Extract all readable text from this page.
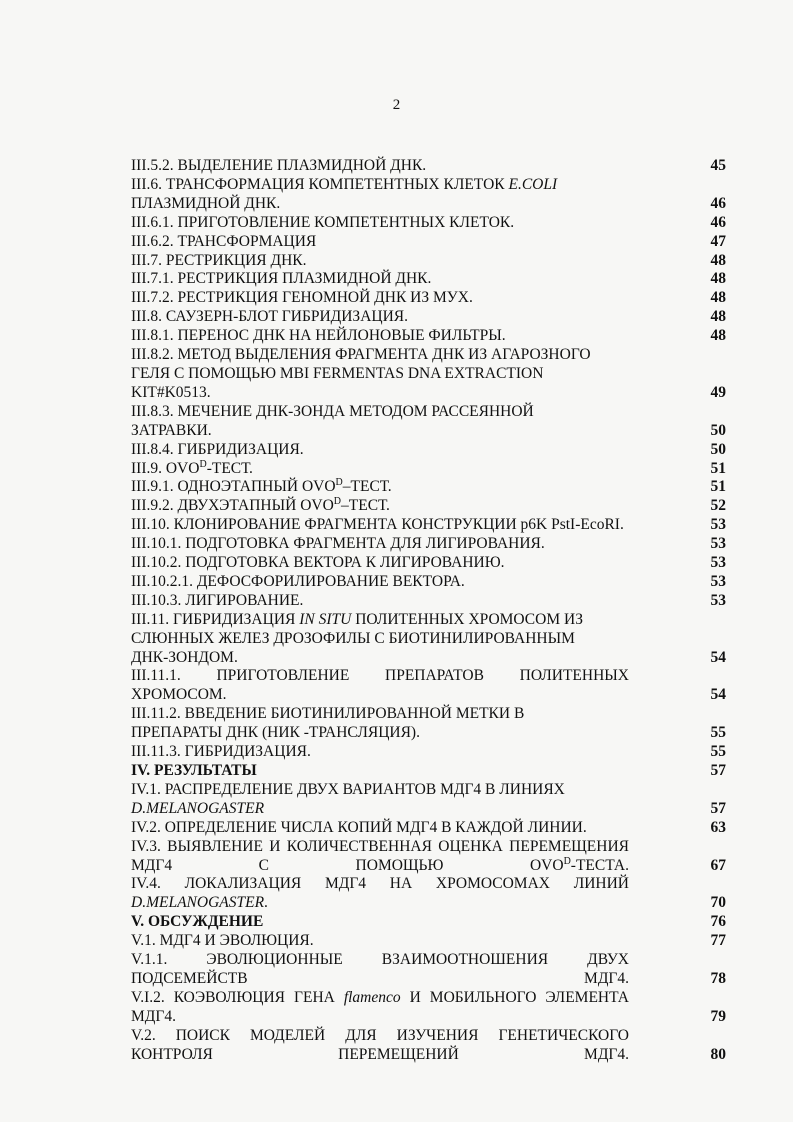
2
III.5.2. ВЫДЕЛЕНИЕ ПЛАЗМИДНОЙ ДНК.	45
III.6. ТРАНСФОРМАЦИЯ КОМПЕТЕНТНЫХ КЛЕТОК E.COLI
ПЛАЗМИДНОЙ ДНК.	46
III.6.1. ПРИГОТОВЛЕНИЕ КОМПЕТЕНТНЫХ КЛЕТОК.	46
III.6.2. ТРАНСФОРМАЦИЯ	47
III.7. РЕСТРИКЦИЯ ДНК.	48
III.7.1. РЕСТРИКЦИЯ ПЛАЗМИДНОЙ ДНК.	48
III.7.2. РЕСТРИКЦИЯ ГЕНОМНОЙ ДНК ИЗ МУХ.	48
III.8. САУЗЕРН-БЛОТ ГИБРИДИЗАЦИЯ.	48
III.8.1. ПЕРЕНОС ДНК НА НЕЙЛОНОВЫЕ ФИЛЬТРЫ.	48
III.8.2. МЕТОД ВЫДЕЛЕНИЯ ФРАГМЕНТА ДНК ИЗ АГАРОЗНОГО
ГЕЛЯ С ПОМОЩЬЮ MBI FERMENTAS DNA EXTRACTION
KIT#K0513.	49
III.8.3. МЕЧЕНИЕ ДНК-ЗОНДА МЕТОДОМ РАССЕЯННОЙ
ЗАТРАВКИ.	50
III.8.4. ГИБРИДИЗАЦИЯ.	50
III.9. $OVO^D$-ТЕСТ.	51
III.9.1. ОДНОЭТАПНЫЙ $OVO^D$–ТЕСТ.	51
III.9.2. ДВУХЭТАПНЫЙ $OVO^D$–ТЕСТ.	52
III.10. КЛОНИРОВАНИЕ ФРАГМЕНТА КОНСТРУКЦИИ p6K PstI-EcoRI.	53
III.10.1. ПОДГОТОВКА ФРАГМЕНТА ДЛЯ ЛИГИРОВАНИЯ.	53
III.10.2. ПОДГОТОВКА ВЕКТОРА К ЛИГИРОВАНИЮ.	53
III.10.2.1. ДЕФОСФОРИЛИРОВАНИЕ ВЕКТОРА.	53
III.10.3. ЛИГИРОВАНИЕ.	53
III.11. ГИБРИДИЗАЦИЯ IN SITU ПОЛИТЕННЫХ ХРОМОСОМ ИЗ
СЛЮННЫХ ЖЕЛЕЗ ДРОЗОФИЛЫ С БИОТИНИЛИРОВАННЫМ
ДНК-ЗОНДОМ.	54
III.11.1. ПРИГОТОВЛЕНИЕ ПРЕПАРАТОВ ПОЛИТЕННЫХ ХРОМОСОМ.	54
III.11.2. ВВЕДЕНИЕ БИОТИНИЛИРОВАННОЙ МЕТКИ В
ПРЕПАРАТЫ ДНК (НИК -ТРАНСЛЯЦИЯ).	55
III.11.3. ГИБРИДИЗАЦИЯ.	55
IV. РЕЗУЛЬТАТЫ	57
IV.1. РАСПРЕДЕЛЕНИЕ ДВУХ ВАРИАНТОВ МДГ4 В ЛИНИЯХ
D.MELANOGASTER	57
IV.2. ОПРЕДЕЛЕНИЕ ЧИСЛА КОПИЙ МДГ4 В КАЖДОЙ ЛИНИИ.	63
IV.3. ВЫЯВЛЕНИЕ И КОЛИЧЕСТВЕННАЯ ОЦЕНКА ПЕРЕМЕЩЕНИЯ МДГ4 С ПОМОЩЬЮ $OVO^D$-ТЕСТА.	67
IV.4. ЛОКАЛИЗАЦИЯ МДГ4 НА ХРОМОСОМАХ ЛИНИЙ D.MELANOGASTER.	70
V. ОБСУЖДЕНИЕ	76
V.1. МДГ4 И ЭВОЛЮЦИЯ.	77
V.1.1. ЭВОЛЮЦИОННЫЕ ВЗАИМООТНОШЕНИЯ ДВУХ ПОДСЕМЕЙСТВ МДГ4.	78
V.I.2. КОЭВОЛЮЦИЯ ГЕНА flamenco И МОБИЛЬНОГО ЭЛЕМЕНТА МДГ4.	79
V.2. ПОИСК МОДЕЛЕЙ ДЛЯ ИЗУЧЕНИЯ ГЕНЕТИЧЕСКОГО КОНТРОЛЯ ПЕРЕМЕЩЕНИЙ МДГ4.	80
